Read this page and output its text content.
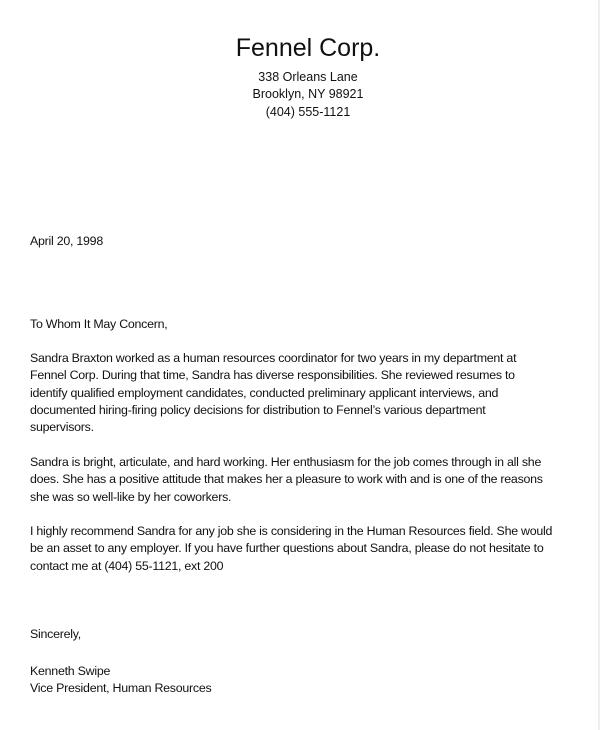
Fennel Corp.
338 Orleans Lane
Brooklyn, NY 98921
(404) 555-1121
April 20, 1998
To Whom It May Concern,
Sandra Braxton worked as a human resources coordinator for two years in my department at
Fennel Corp. During that time, Sandra has diverse responsibilities. She reviewed resumes to
identify qualified employment candidates, conducted preliminary applicant interviews, and
documented hiring-firing policy decisions for distribution to Fennel’s various department
supervisors.
Sandra is bright, articulate, and hard working. Her enthusiasm for the job comes through in all she
does. She has a positive attitude that makes her a pleasure to work with and is one of the reasons
she was so well-like by her coworkers.
I highly recommend Sandra for any job she is considering in the Human Resources field. She would
be an asset to any employer. If you have further questions about Sandra, please do not hesitate to
contact me at (404) 55-1121, ext 200
Sincerely,
Kenneth Swipe
Vice President, Human Resources
